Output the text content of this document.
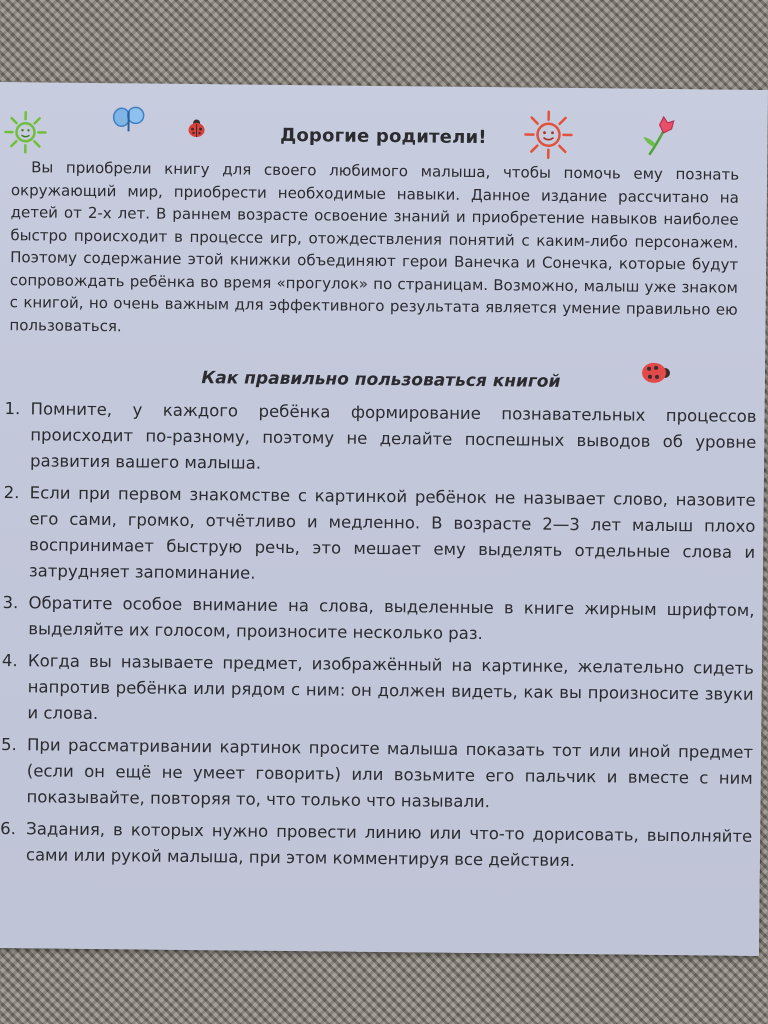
Дорогие родители!
Вы приобрели книгу для своего любимого малыша, чтобы помочь ему познать окружающий мир, приобрести необходимые навыки. Данное издание рассчитано на детей от 2-х лет. В раннем возрасте освоение знаний и приобретение навыков наиболее быстро происходит в процессе игр, отождествления понятий с каким-либо персонажем. Поэтому содержание этой книжки объединяют герои Ванечка и Сонечка, которые будут сопровождать ребёнка во время «прогулок» по страницам. Возможно, малыш уже знаком с книгой, но очень важным для эффективного результата является умение правильно ею пользоваться.
Как правильно пользоваться книгой
1. Помните, у каждого ребёнка формирование познавательных процессов происходит по-разному, поэтому не делайте поспешных выводов об уровне развития вашего малыша.
2. Если при первом знакомстве с картинкой ребёнок не называет слово, назовите его сами, громко, отчётливо и медленно. В возрасте 2—3 лет малыш плохо воспринимает быструю речь, это мешает ему выделять отдельные слова и затрудняет запоминание.
3. Обратите особое внимание на слова, выделенные в книге жирным шрифтом, выделяйте их голосом, произносите несколько раз.
4. Когда вы называете предмет, изображённый на картинке, желательно сидеть напротив ребёнка или рядом с ним: он должен видеть, как вы произносите звуки и слова.
5. При рассматривании картинок просите малыша показать тот или иной предмет (если он ещё не умеет говорить) или возьмите его пальчик и вместе с ним показывайте, повторяя то, что только что называли.
6. Задания, в которых нужно провести линию или что-то дорисовать, выполняйте сами или рукой малыша, при этом комментируя все действия.
